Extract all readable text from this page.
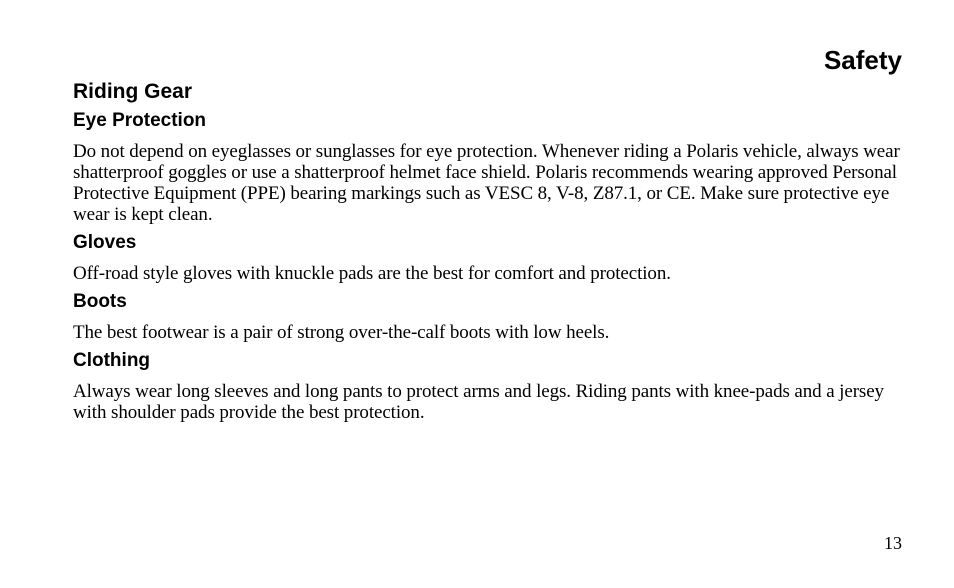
Safety
Riding Gear
Eye Protection

Do not depend on eyeglasses or sunglasses for eye protection. Whenever riding a Polaris vehicle, always wear shatterproof goggles or use a shatterproof helmet face shield. Polaris recommends wearing approved Personal Protective Equipment (PPE) bearing markings such as VESC 8, V-8, Z87.1, or CE. Make sure protective eye wear is kept clean.

Gloves

Off-road style gloves with knuckle pads are the best for comfort and protection.

Boots

The best footwear is a pair of strong over-the-calf boots with low heels.

Clothing

Always wear long sleeves and long pants to protect arms and legs. Riding pants with knee-pads and a jersey with shoulder pads provide the best protection.

13
